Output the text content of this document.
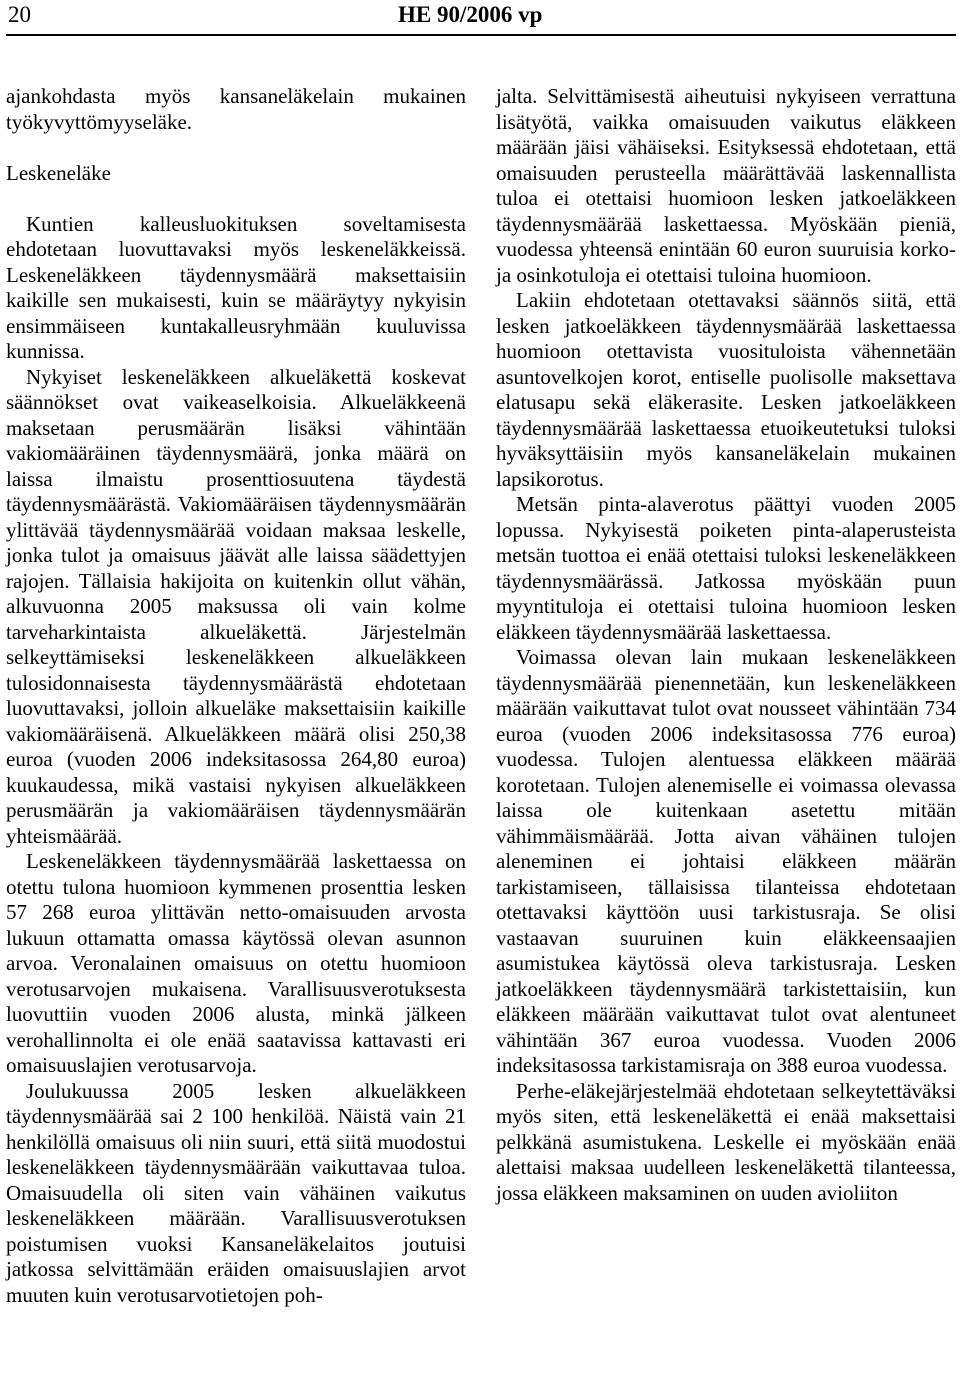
20	HE 90/2006 vp

ajankohdasta myös kansaneläkelain mukainen työkyvyttömyyseläke.

Leskeneläke

Kuntien kalleusluokituksen soveltamisesta ehdotetaan luovuttavaksi myös leskeneläkkeissä. Leskeneläkkeen täydennysmäärä maksettaisiin kaikille sen mukaisesti, kuin se määräytyy nykyisin ensimmäiseen kuntakalleusryhmään kuuluvissa kunnissa.

Nykyiset leskeneläkkeen alkueläkettä koskevat säännökset ovat vaikeaselkoisia. Alkueläkkeenä maksetaan perusmäärän lisäksi vähintään vakiomääräinen täydennysmäärä, jonka määrä on laissa ilmaistu prosenttiosuutena täydestä täydennysmäärästä. Vakiomääräisen täydennysmäärän ylittävää täydennysmäärää voidaan maksaa leskelle, jonka tulot ja omaisuus jäävät alle laissa säädettyjen rajojen. Tällaisia hakijoita on kuitenkin ollut vähän, alkuvuonna 2005 maksussa oli vain kolme tarveharkintaista alkueläkettä. Järjestelmän selkeyttämiseksi leskeneläkkeen alkueläkkeen tulosidonnaisesta täydennysmäärästä ehdotetaan luovuttavaksi, jolloin alkueläke maksettaisiin kaikille vakiomääräisenä. Alkueläkkeen määrä olisi 250,38 euroa (vuoden 2006 indeksitasossa 264,80 euroa) kuukaudessa, mikä vastaisi nykyisen alkueläkkeen perusmäärän ja vakiomääräisen täydennysmäärän yhteismäärää.

Leskeneläkkeen täydennysmäärää laskettaessa on otettu tulona huomioon kymmenen prosenttia lesken 57 268 euroa ylittävän netto-omaisuuden arvosta lukuun ottamatta omassa käytössä olevan asunnon arvoa. Veronalainen omaisuus on otettu huomioon verotusarvojen mukaisena. Varallisuusverotuksesta luovuttiin vuoden 2006 alusta, minkä jälkeen verohallinnolta ei ole enää saatavissa kattavasti eri omaisuuslajien verotusarvoja.

Joulukuussa 2005 lesken alkueläkkeen täydennysmäärää sai 2 100 henkilöä. Näistä vain 21 henkilöllä omaisuus oli niin suuri, että siitä muodostui leskeneläkkeen täydennysmäärään vaikuttavaa tuloa. Omaisuudella oli siten vain vähäinen vaikutus leskeneläkkeen määrään. Varallisuusverotuksen poistumisen vuoksi Kansaneläkelaitos joutuisi jatkossa selvittämään eräiden omaisuuslajien arvot muuten kuin verotusarvotietojen poh-

jalta. Selvittämisestä aiheutuisi nykyiseen verrattuna lisätyötä, vaikka omaisuuden vaikutus eläkkeen määrään jäisi vähäiseksi. Esityksessä ehdotetaan, että omaisuuden perusteella määrättävää laskennallista tuloa ei otettaisi huomioon lesken jatkoeläkkeen täydennysmäärää laskettaessa. Myöskään pieniä, vuodessa yhteensä enintään 60 euron suuruisia korko- ja osinkotuloja ei otettaisi tuloina huomioon.

Lakiin ehdotetaan otettavaksi säännös siitä, että lesken jatkoeläkkeen täydennysmäärää laskettaessa huomioon otettavista vuosituloista vähennetään asuntovelkojen korot, entiselle puolisolle maksettava elatusapu sekä eläkerasite. Lesken jatkoeläkkeen täydennysmäärää laskettaessa etuoikeutetuksi tuloksi hyväksyttäisiin myös kansaneläkelain mukainen lapsikorotus.

Metsän pinta-alaverotus päättyi vuoden 2005 lopussa. Nykyisestä poiketen pinta-alaperusteista metsän tuottoa ei enää otettaisi tuloksi leskeneläkkeen täydennysmäärässä. Jatkossa myöskään puun myyntituloja ei otettaisi tuloina huomioon lesken eläkkeen täydennysmäärää laskettaessa.

Voimassa olevan lain mukaan leskeneläkkeen täydennysmäärää pienennetään, kun leskeneläkkeen määrään vaikuttavat tulot ovat nousseet vähintään 734 euroa (vuoden 2006 indeksitasossa 776 euroa) vuodessa. Tulojen alentuessa eläkkeen määrää korotetaan. Tulojen alenemiselle ei voimassa olevassa laissa ole kuitenkaan asetettu mitään vähimmäismäärää. Jotta aivan vähäinen tulojen aleneminen ei johtaisi eläkkeen määrän tarkistamiseen, tällaisissa tilanteissa ehdotetaan otettavaksi käyttöön uusi tarkistusraja. Se olisi vastaavan suuruinen kuin eläkkeensaajien asumistukea käytössä oleva tarkistusraja. Lesken jatkoeläkkeen täydennysmäärä tarkistettaisiin, kun eläkkeen määrään vaikuttavat tulot ovat alentuneet vähintään 367 euroa vuodessa. Vuoden 2006 indeksitasossa tarkistamisraja on 388 euroa vuodessa.

Perhe-eläkejärjestelmää ehdotetaan selkeytettäväksi myös siten, että leskeneläkettä ei enää maksettaisi pelkkänä asumistukena. Leskelle ei myöskään enää alettaisi maksaa uudelleen leskeneläkettä tilanteessa, jossa eläkkeen maksaminen on uuden avioliiton
